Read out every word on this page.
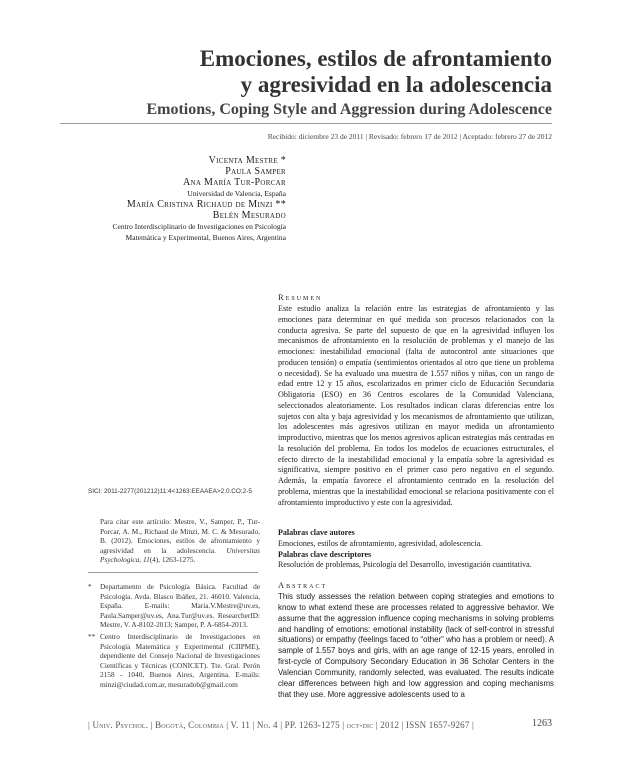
Emociones, estilos de afrontamiento
y agresividad en la adolescencia
Emotions, Coping Style and Aggression during Adolescence
Recibido: diciembre 23 de 2011 | Revisado: febrero 17 de 2012 | Aceptado: febrero 27 de 2012
Vicenta Mestre *
Paula Samper
Ana María Tur-Porcar
Universidad de Valencia, España
María Cristina Richaud de Minzi **
Belén Mesurado
Centro Interdisciplinario de Investigaciones en Psicología
Matemática y Experimental, Buenos Aires, Argentina
Resumen
Este estudio analiza la relación entre las estrategias de afrontamiento y las emociones para determinar en qué medida son procesos relacionados con la conducta agresiva. Se parte del supuesto de que en la agresividad influyen los mecanismos de afrontamiento en la resolución de problemas y el manejo de las emociones: inestabilidad emocional (falta de autocontrol ante situaciones que producen tensión) o empatía (sentimientos orientados al otro que tiene un problema o necesidad). Se ha evaluado una muestra de 1.557 niños y niñas, con un rango de edad entre 12 y 15 años, escolarizados en primer ciclo de Educación Secundaria Obligatoria (ESO) en 36 Centros escolares de la Comunidad Valenciana, seleccionados aleatoriamente. Los resultados indican claras diferencias entre los sujetos con alta y baja agresividad y los mecanismos de afrontamiento que utilizan, los adolescentes más agresivos utilizan en mayor medida un afrontamiento improductivo, mientras que los menos agresivos aplican estrategias más centradas en la resolución del problema. En todos los modelos de ecuaciones estructurales, el efecto directo de la inestabilidad emocional y la empatía sobre la agresividad es significativa, siempre positivo en el primer caso pero negativo en el segundo. Además, la empatía favorece el afrontamiento centrado en la resolución del problema, mientras que la inestabilidad emocional se relaciona positivamente con el afrontamiento improductivo y este con la agresividad.
Palabras clave autores
Emociones, estilos de afrontamiento, agresividad, adolescencia.
Palabras clave descriptores
Resolución de problemas, Psicología del Desarrollo, investigación cuantitativa.
Abstract
This study assesses the relation between coping strategies and emotions to know to what extend these are processes related to aggressive behavior. We assume that the aggression influence coping mechanisms in solving problems and handling of emotions: emotional instability (lack of self-control in stressful situations) or empathy (feelings faced to “other” who has a problem or need). A sample of 1.557 boys and girls, with an age range of 12-15 years, enrolled in first-cycle of Compulsory Secondary Education in 36 Scholar Centers in the Valencian Community, randomly selected, was evaluated. The results indicate clear differences between high and low aggression and coping mechanisms that they use. More aggressive adolescents used to a
SICI: 2011-2277(201212)11:4<1263:EEAAEA>2.0.CO;2-5
Para citar este artículo: Mestre, V., Samper, P., Tur-Porcar, A. M., Richaud de Minzi, M. C. & Mesurado, B. (2012). Emociones, estilos de afrontamiento y agresividad en la adolescencia. Universitas Psychologica, 11(4), 1263-1275.
* Departamento de Psicología Básica. Facultad de Psicología. Avda. Blasco Ibáñez, 21. 46010. Valencia, España. E-mails: Maria.V.Mestre@uv.es, Paula.Samper@uv.es, Ana.Tur@uv.es. ResearcherID: Mestre, V. A-8102-2013; Samper, P. A-6854-2013.
** Centro Interdisciplinario de Investigaciones en Psicología Matemática y Experimental (CIIPME), dependiente del Consejo Nacional de Investigaciones Científicas y Técnicas (CONICET). Tte. Gral. Perón 2158 - 1040, Buenos Aires, Argentina. E-mails: minzi@ciudad.com.ar, mesuradob@gmail.com
| Univ. Psychol. | Bogotá, Colombia | V. 11 | No. 4 | PP. 1263-1275 | oct-dic | 2012 | ISSN 1657-9267 |	1263
